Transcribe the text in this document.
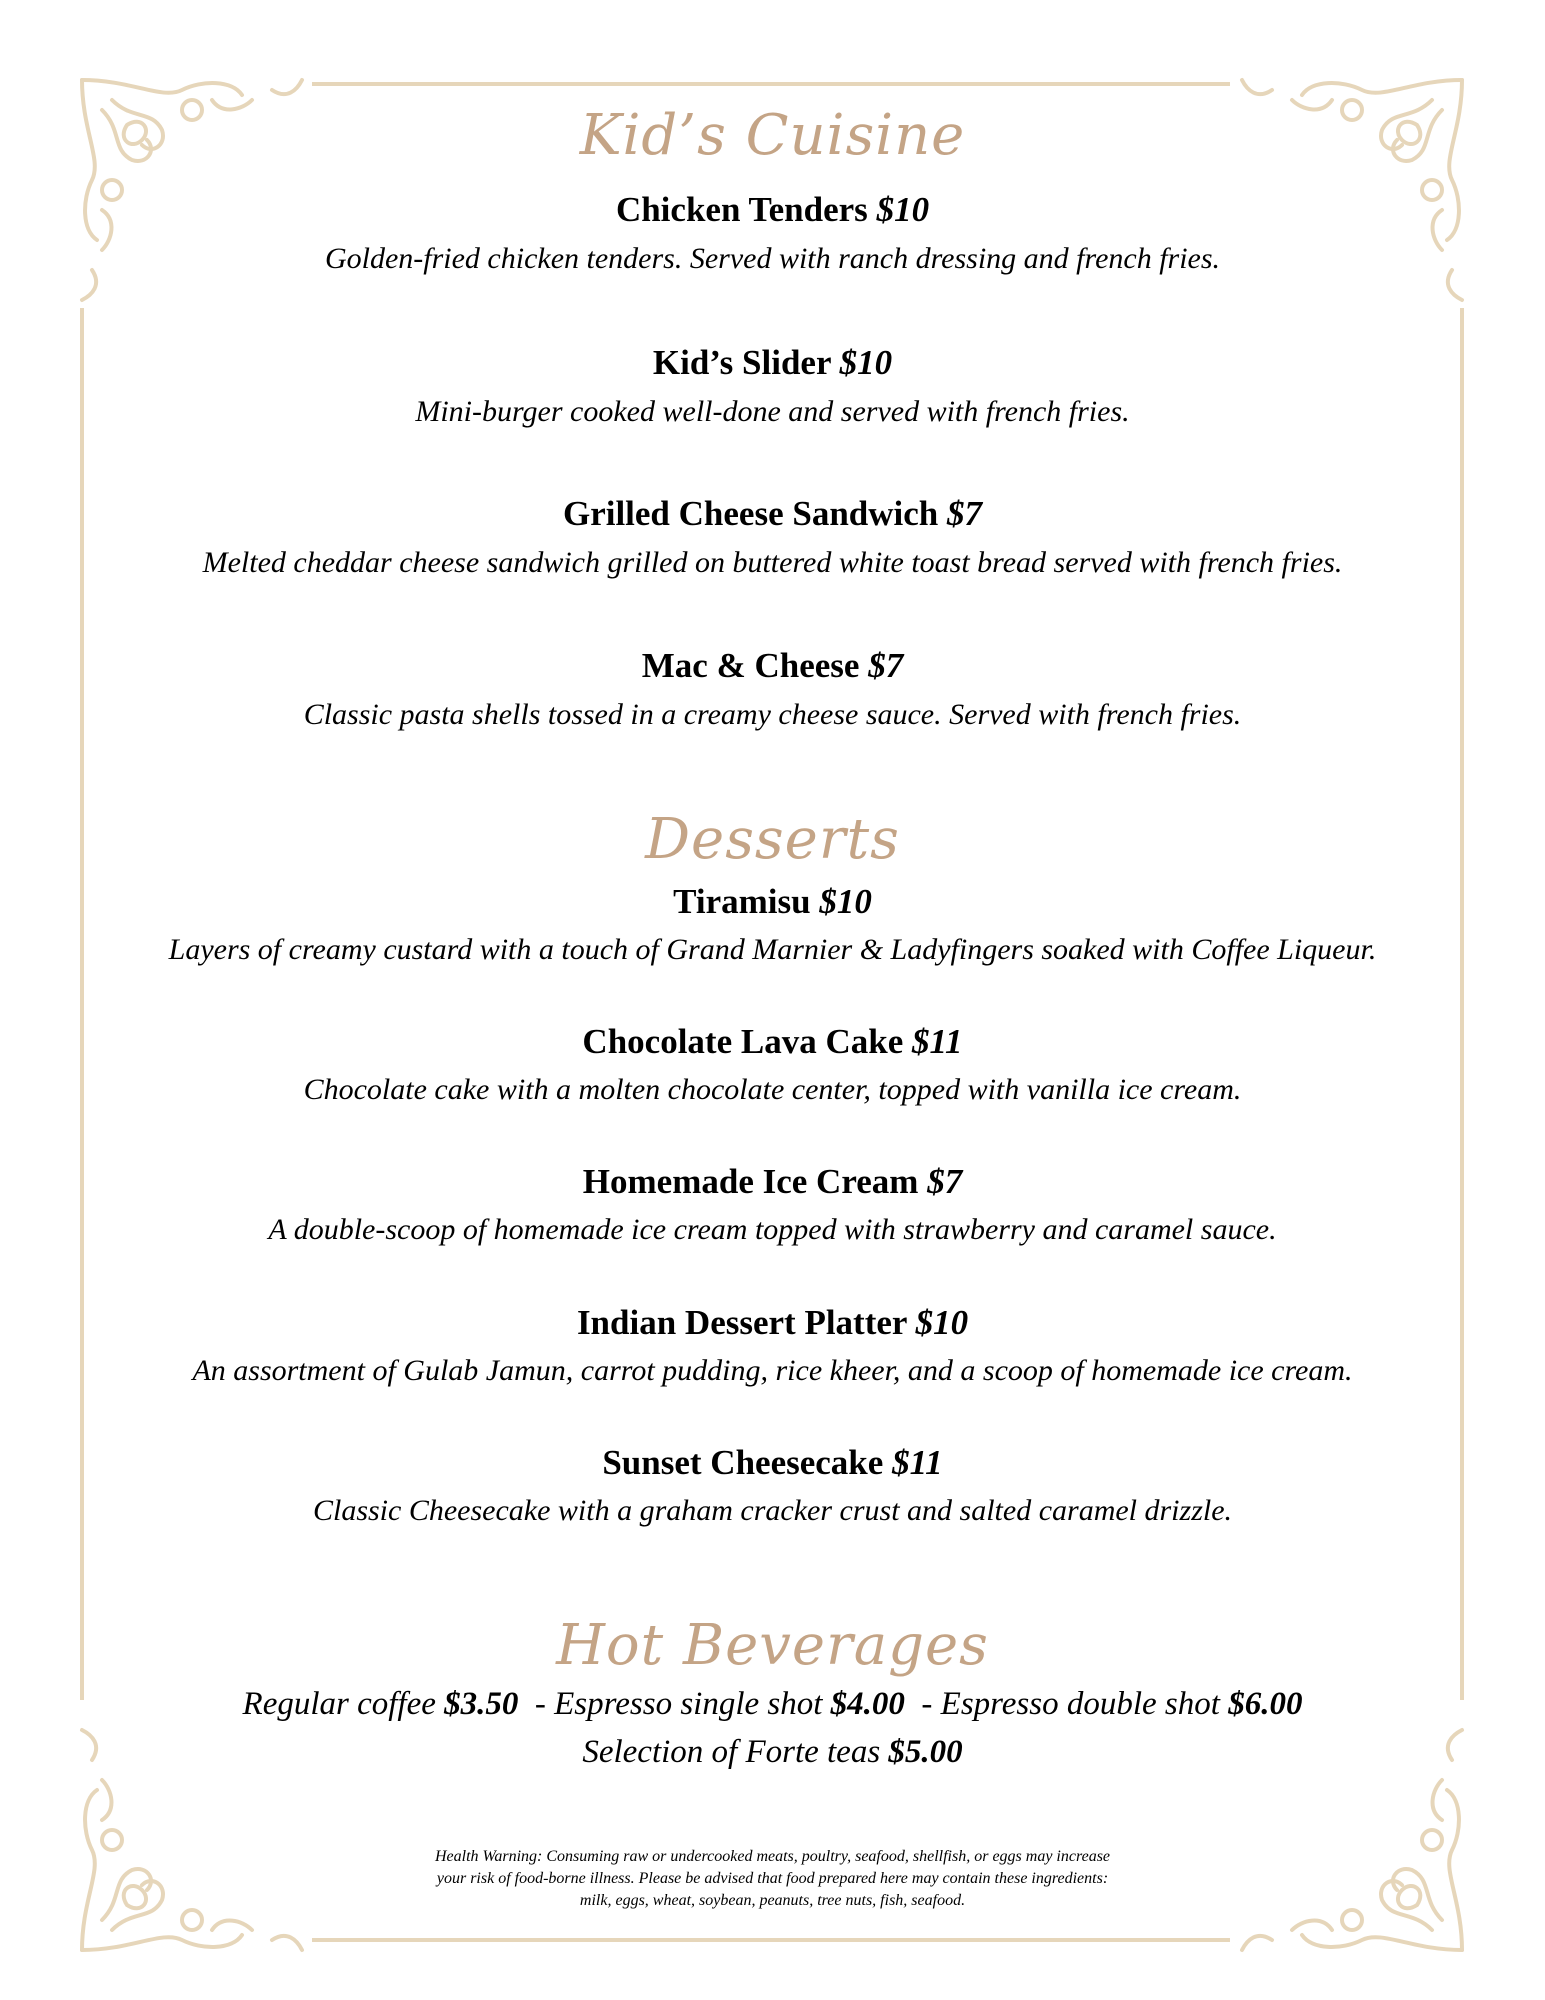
Kid’s Cuisine
Chicken Tenders $10
Golden-fried chicken tenders. Served with ranch dressing and french fries.
Kid’s Slider $10
Mini-burger cooked well-done and served with french fries.
Grilled Cheese Sandwich $7
Melted cheddar cheese sandwich grilled on buttered white toast bread served with french fries.
Mac & Cheese $7
Classic pasta shells tossed in a creamy cheese sauce. Served with french fries.
Desserts
Tiramisu $10
Layers of creamy custard with a touch of Grand Marnier & Ladyfingers soaked with Coffee Liqueur.
Chocolate Lava Cake $11
Chocolate cake with a molten chocolate center, topped with vanilla ice cream.
Homemade Ice Cream $7
A double-scoop of homemade ice cream topped with strawberry and caramel sauce.
Indian Dessert Platter $10
An assortment of Gulab Jamun, carrot pudding, rice kheer, and a scoop of homemade ice cream.
Sunset Cheesecake $11
Classic Cheesecake with a graham cracker crust and salted caramel drizzle.
Hot Beverages
Regular coffee $3.50  - Espresso single shot $4.00  - Espresso double shot $6.00
Selection of Forte teas $5.00
Health Warning: Consuming raw or undercooked meats, poultry, seafood, shellfish, or eggs may increase
your risk of food-borne illness. Please be advised that food prepared here may contain these ingredients:
milk, eggs, wheat, soybean, peanuts, tree nuts, fish, seafood.
